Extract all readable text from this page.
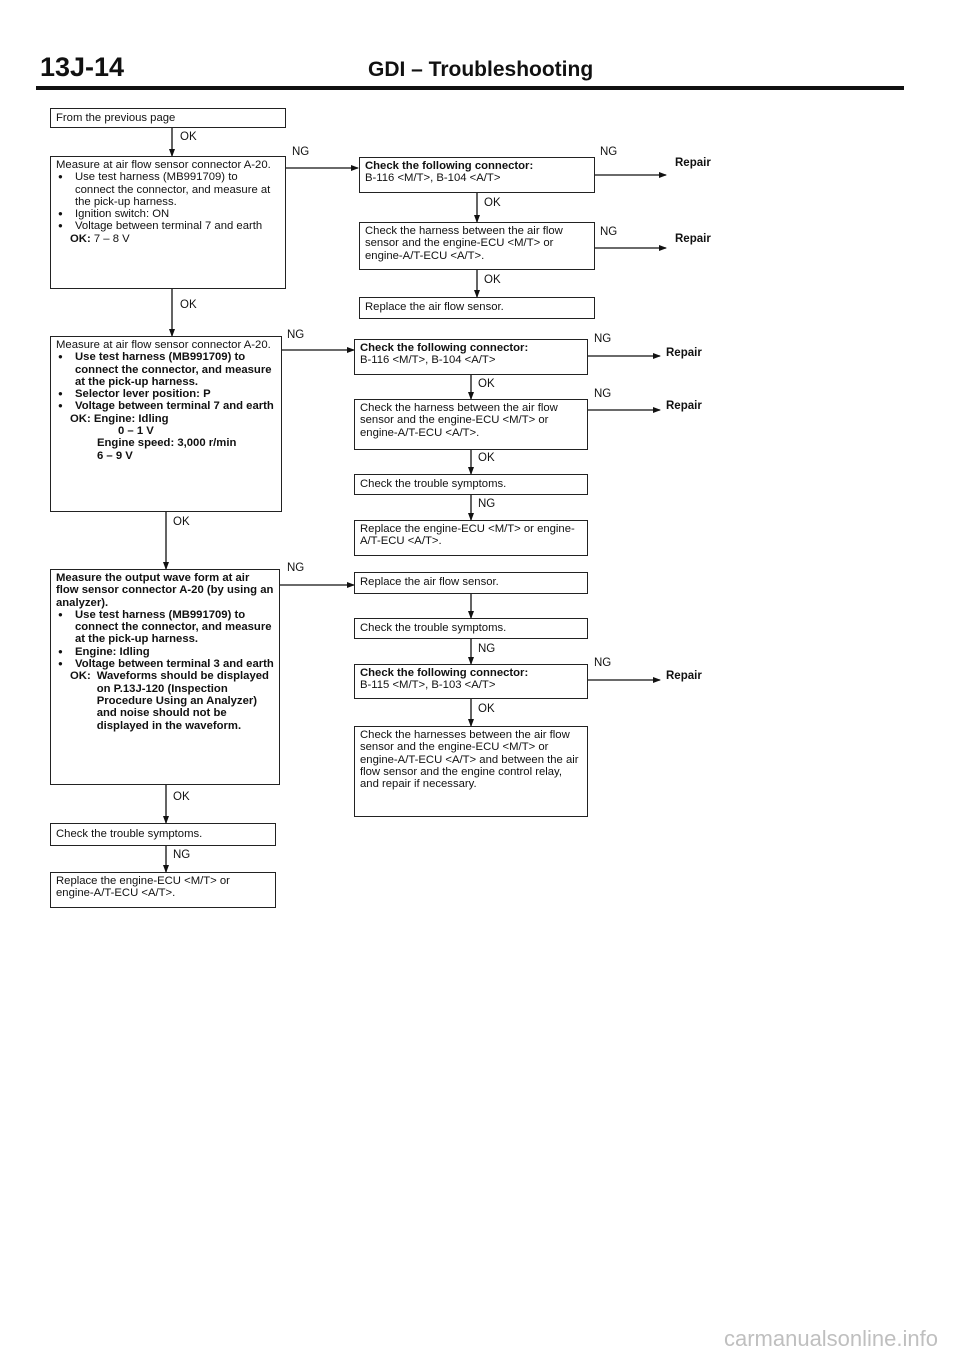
13J-14	GDI – Troubleshooting
From the previous page
OK
Measure at air flow sensor connector A-20.
● Use test harness (MB991709) to connect the connector, and measure at the pick-up harness.
● Ignition switch: ON
● Voltage between terminal 7 and earth
OK: 7 – 8 V
OK
NG
Measure at air flow sensor connector A-20.
● Use test harness (MB991709) to connect the connector, and measure at the pick-up harness.
● Selector lever position: P
● Voltage between terminal 7 and earth
OK: Engine: Idling
0 – 1 V
Engine speed: 3,000 r/min
6 – 9 V
OK
NG
Measure the output wave form at air flow sensor connector A-20 (by using an analyzer).
● Use test harness (MB991709) to connect the connector, and measure at the pick-up harness.
● Engine: Idling
● Voltage between terminal 3 and earth
OK: Waveforms should be displayed on P.13J-120 (Inspection Procedure Using an Analyzer) and noise should not be displayed in the waveform.
OK
NG
Check the trouble symptoms.
NG
Replace the engine-ECU <M/T> or engine-A/T-ECU <A/T>.
Check the following connector:
B-116 <M/T>, B-104 <A/T>
OK
NG
Repair
Check the harness between the air flow sensor and the engine-ECU <M/T> or engine-A/T-ECU <A/T>.
NG
Repair
OK
Replace the air flow sensor.
Check the following connector:
B-116 <M/T>, B-104 <A/T>
NG
Repair
OK
Check the harness between the air flow sensor and the engine-ECU <M/T> or engine-A/T-ECU <A/T>.
NG
Repair
OK
Check the trouble symptoms.
NG
Replace the engine-ECU <M/T> or engine-A/T-ECU <A/T>.
Replace the air flow sensor.
Check the trouble symptoms.
NG
Check the following connector:
B-115 <M/T>, B-103 <A/T>
NG
Repair
OK
Check the harnesses between the air flow sensor and the engine-ECU <M/T> or engine-A/T-ECU <A/T> and between the air flow sensor and the engine control relay, and repair if necessary.
carmanualsonline.info
